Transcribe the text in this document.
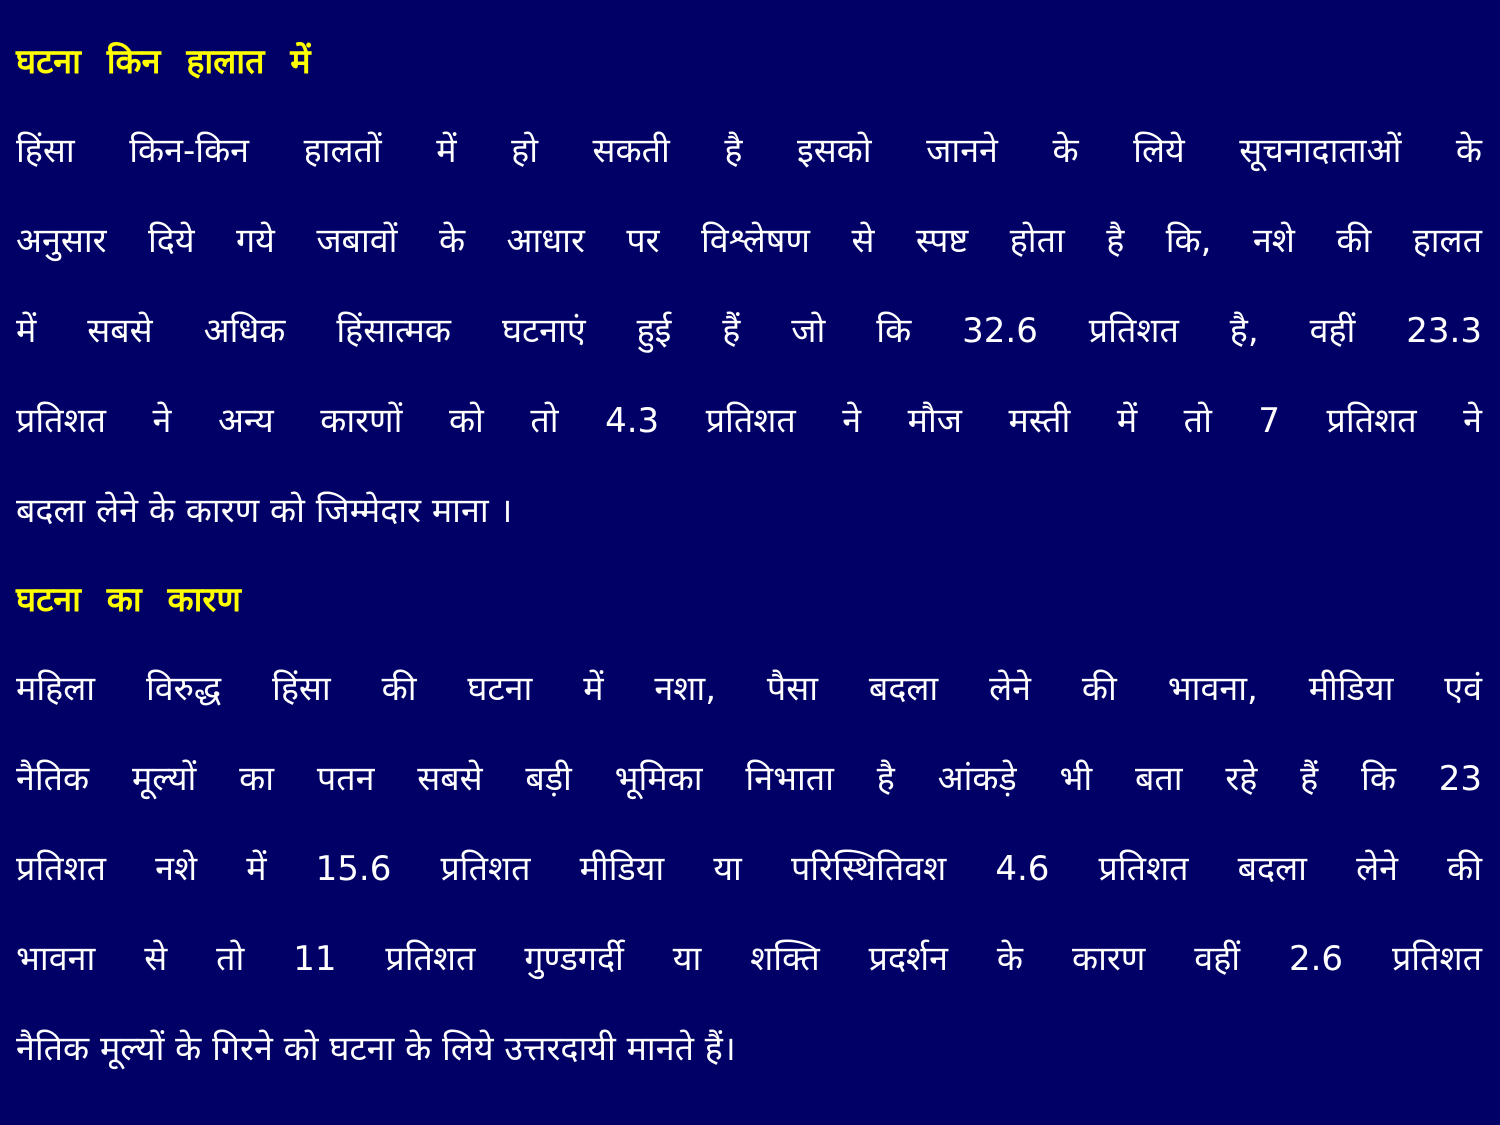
घटना किन हालात में
हिंसा किन-किन हालतों में हो सकती है इसको जानने के लिये सूचनादाताओं के
अनुसार दिये गये जबावों के आधार पर विश्लेषण से स्पष्ट होता है कि, नशे की हालत
में सबसे अधिक हिंसात्मक घटनाएं हुई हैं जो कि 32.6 प्रतिशत है, वहीं 23.3
प्रतिशत ने अन्य कारणों को तो 4.3 प्रतिशत ने मौज मस्ती में तो 7 प्रतिशत ने
बदला लेने के कारण को जिम्मेदार माना ।
घटना का कारण
महिला विरुद्ध हिंसा की घटना में नशा, पैसा बदला लेने की भावना, मीडिया एवं
नैतिक मूल्यों का पतन सबसे बड़ी भूमिका निभाता है आंकड़े भी बता रहे हैं कि 23
प्रतिशत नशे में 15.6 प्रतिशत मीडिया या परिस्थितिवश 4.6 प्रतिशत बदला लेने की
भावना से तो 11 प्रतिशत गुण्डगर्दी या शक्ति प्रदर्शन के कारण वहीं 2.6 प्रतिशत
नैतिक मूल्यों के गिरने को घटना के लिये उत्तरदायी मानते हैं।
